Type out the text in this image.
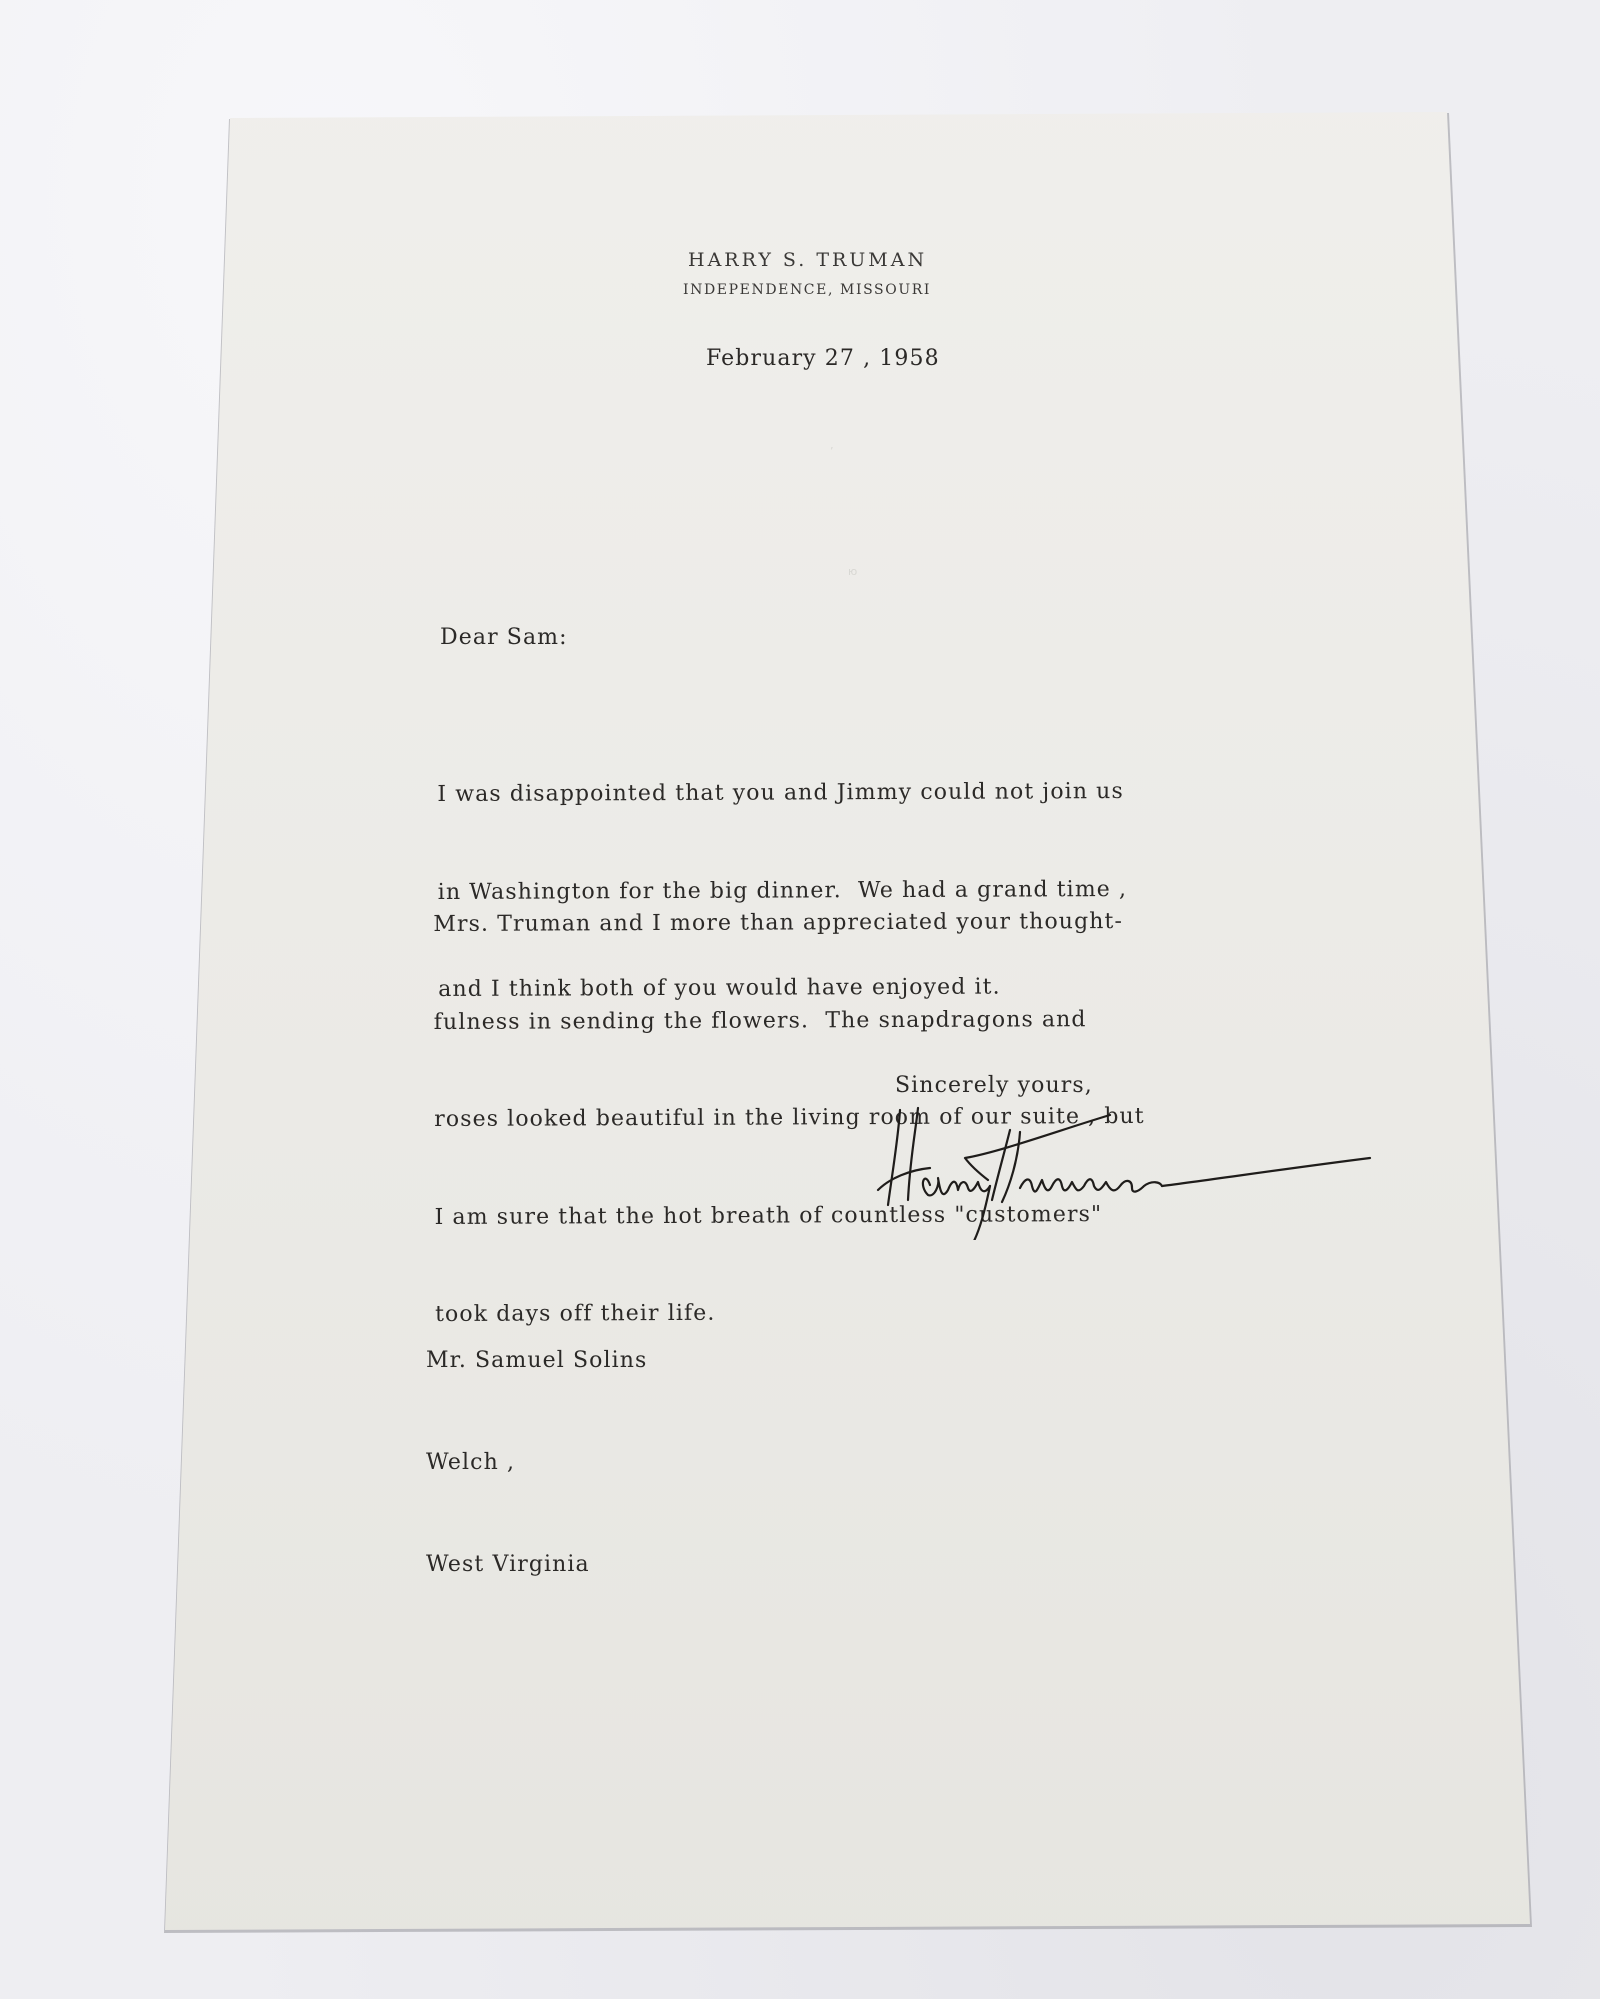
HARRY S. TRUMAN
INDEPENDENCE, MISSOURI
February 27 , 1958
’
ю
Dear Sam:

I was disappointed that you and Jimmy could not join us

in Washington for the big dinner.  We had a grand time ,

and I think both of you would have enjoyed it.

Mrs. Truman and I more than appreciated your thought-

fulness in sending the flowers.  The snapdragons and

roses looked beautiful in the living room of our suite , but

I am sure that the hot breath of countless "customers"

took days off their life.

Sincerely yours,

Mr. Samuel Solins

Welch ,

West Virginia
